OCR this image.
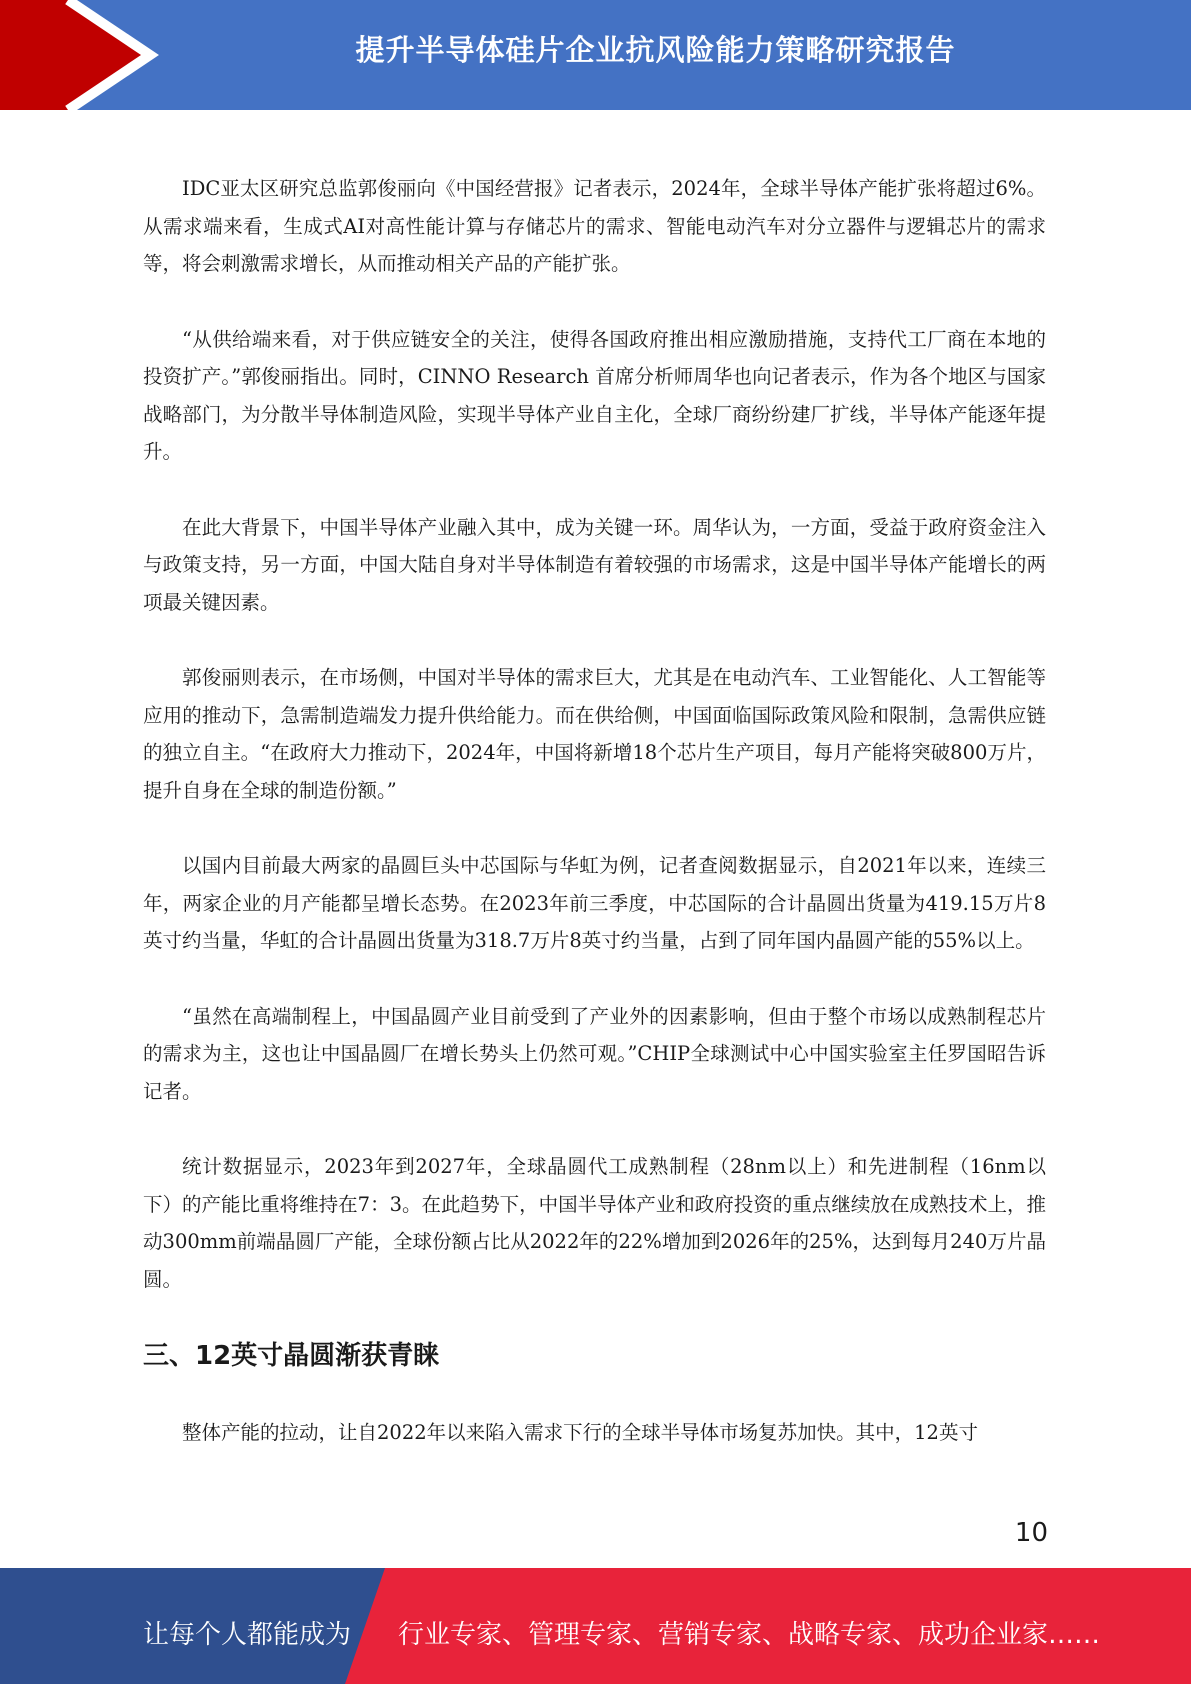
提升半导体硅片企业抗风险能力策略研究报告

IDC亚太区研究总监郭俊丽向《中国经营报》记者表示，2024年，全球半导体产能扩张将超过6%。从需求端来看，生成式AI对高性能计算与存储芯片的需求、智能电动汽车对分立器件与逻辑芯片的需求等，将会刺激需求增长，从而推动相关产品的产能扩张。

“从供给端来看，对于供应链安全的关注，使得各国政府推出相应激励措施，支持代工厂商在本地的投资扩产。”郭俊丽指出。同时，CINNO Research 首席分析师周华也向记者表示，作为各个地区与国家战略部门，为分散半导体制造风险，实现半导体产业自主化，全球厂商纷纷建厂扩线，半导体产能逐年提升。

在此大背景下，中国半导体产业融入其中，成为关键一环。周华认为，一方面，受益于政府资金注入与政策支持，另一方面，中国大陆自身对半导体制造有着较强的市场需求，这是中国半导体产能增长的两项最关键因素。

郭俊丽则表示，在市场侧，中国对半导体的需求巨大，尤其是在电动汽车、工业智能化、人工智能等应用的推动下，急需制造端发力提升供给能力。而在供给侧，中国面临国际政策风险和限制，急需供应链的独立自主。“在政府大力推动下，2024年，中国将新增18个芯片生产项目，每月产能将突破800万片，提升自身在全球的制造份额。”

以国内目前最大两家的晶圆巨头中芯国际与华虹为例，记者查阅数据显示，自2021年以来，连续三年，两家企业的月产能都呈增长态势。在2023年前三季度，中芯国际的合计晶圆出货量为419.15万片8英寸约当量，华虹的合计晶圆出货量为318.7万片8英寸约当量，占到了同年国内晶圆产能的55%以上。

“虽然在高端制程上，中国晶圆产业目前受到了产业外的因素影响，但由于整个市场以成熟制程芯片的需求为主，这也让中国晶圆厂在增长势头上仍然可观。”CHIP全球测试中心中国实验室主任罗国昭告诉记者。

统计数据显示，2023年到2027年，全球晶圆代工成熟制程（28nm以上）和先进制程（16nm以下）的产能比重将维持在7：3。在此趋势下，中国半导体产业和政府投资的重点继续放在成熟技术上，推动300mm前端晶圆厂产能，全球份额占比从2022年的22%增加到2026年的25%，达到每月240万片晶圆。

三、12英寸晶圆渐获青睐

整体产能的拉动，让自2022年以来陷入需求下行的全球半导体市场复苏加快。其中，12英寸

10
让每个人都能成为 行业专家、管理专家、营销专家、战略专家、成功企业家……
